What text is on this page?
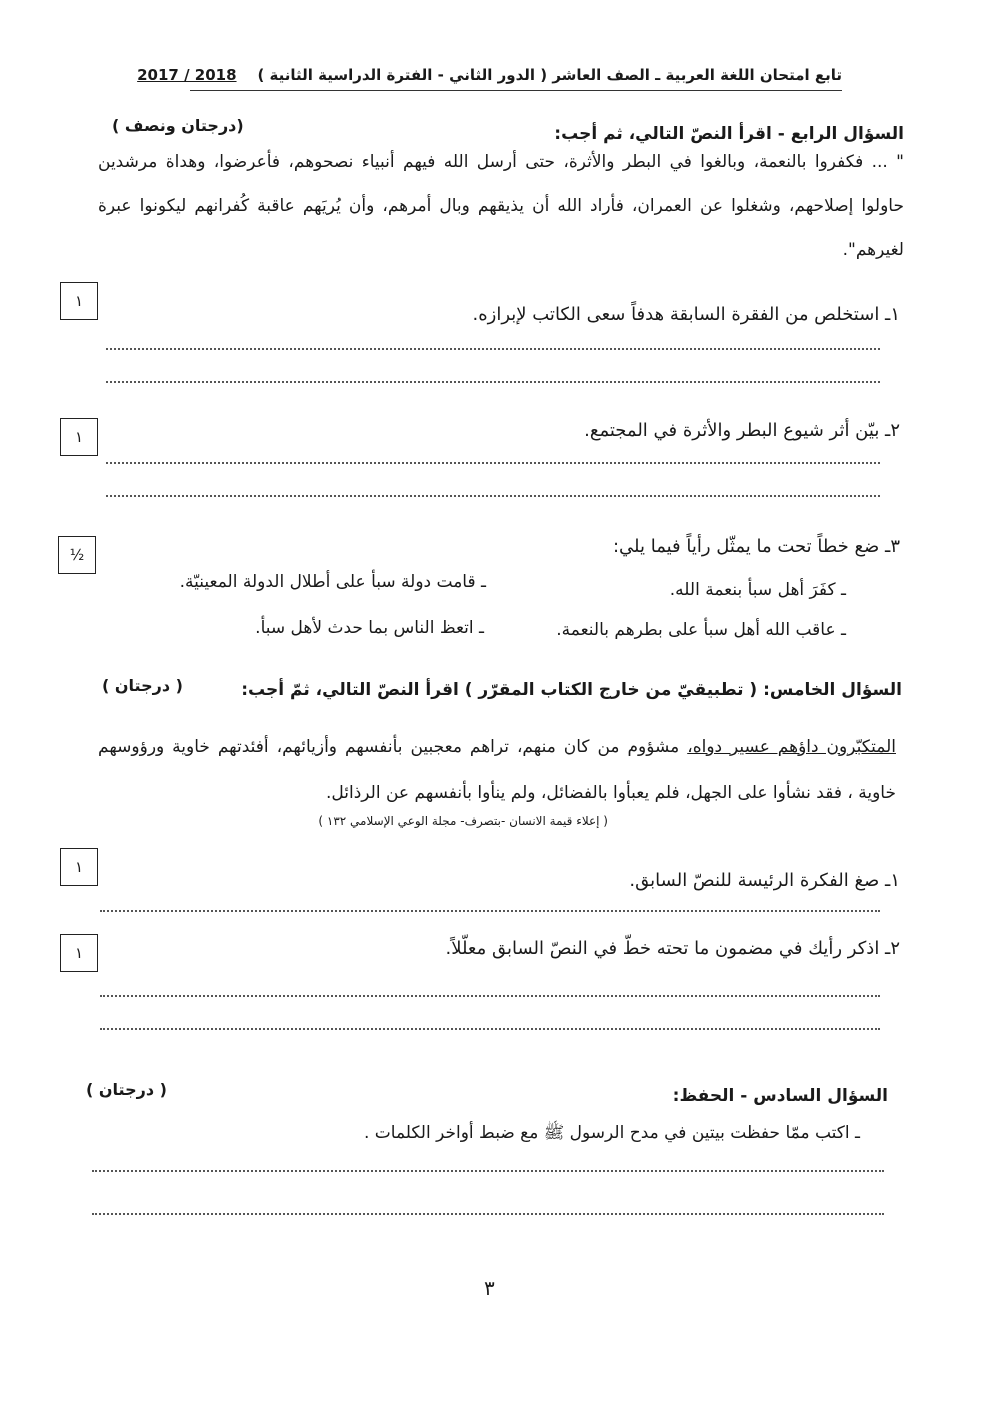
تابع امتحان اللغة العربية ـ الصف العاشر ( الدور الثاني - الفترة الدراسية الثانية )    2017 / 2018
السؤال الرابع - اقرأ النصّ التالي، ثم أجب:
(درجتان ونصف )
" ... فكفروا بالنعمة، وبالغوا في البطر والأثرة، حتى أرسل الله فيهم أنبياء نصحوهم، فأعرضوا، وهداة مرشدين حاولوا إصلاحهم، وشغلوا عن العمران، فأراد الله أن يذيقهم وبال أمرهم، وأن يُريَهم عاقبة كُفرانهم ليكونوا عبرة لغيرهم".
١ـ استخلص من الفقرة السابقة هدفاً سعى الكاتب لإبرازه.
١
٢ـ بيّن أثر شيوع البطر والأثرة في المجتمع.
١
٣ـ ضع خطاً تحت ما يمثّل رأياً فيما يلي:
½
ـ كفَرَ أهل سبأ بنعمة الله.
ـ قامت دولة سبأ على أطلال الدولة المعينيّة.
ـ عاقب الله أهل سبأ على بطرهم بالنعمة.
ـ اتعظ الناس بما حدث لأهل سبأ.
السؤال الخامس: ( تطبيقيّ من خارج الكتاب المقرّر ) اقرأ النصّ التالي، ثمّ أجب:
( درجتان )
المتكبّرون داؤهم عسير دواه، مشؤوم من كان منهم، تراهم معجبين بأنفسهم وأزيائهم، أفئدتهم خاوية ورؤوسهم خاوية ، فقد نشأوا على الجهل، فلم يعبأوا بالفضائل، ولم ينأوا بأنفسهم عن الرذائل.
( إعلاء قيمة الانسان -بتصرف- مجلة الوعي الإسلامي ١٣٢ )
١ـ صغ الفكرة الرئيسة للنصّ السابق.
١
٢ـ اذكر رأيك في مضمون ما تحته خطّ في النصّ السابق معلّلاً.
١
السؤال السادس - الحفظ:
( درجتان )
ـ اكتب ممّا حفظت بيتين في مدح الرسول ﷺ مع ضبط أواخر الكلمات .
٣
